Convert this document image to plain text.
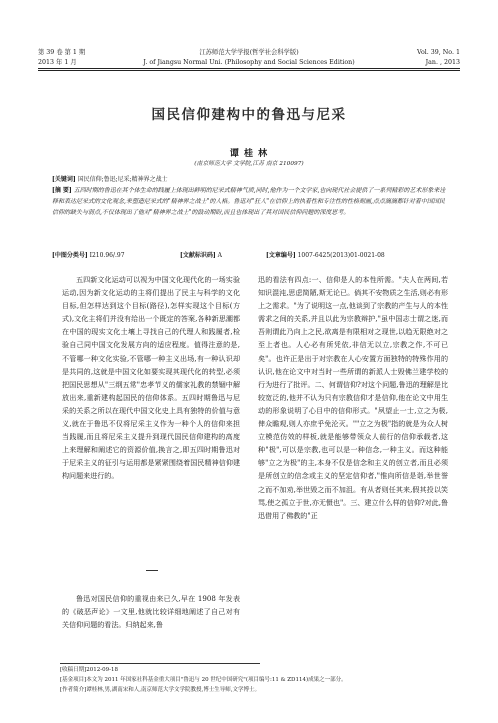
第 39 卷 第 1 期
2013 年 1 月
江苏师范大学学报(哲学社会科学版)
J. of Jiangsu Normal Uni. (Philosophy and Social Sciences Edition)
Vol. 39, No. 1
Jan. , 2013
国民信仰建构中的鲁迅与尼采
谭 桂 林
(南京师范大学 文学院,江苏 南京 210097)
[关键词] 国民信仰;鲁迅;尼采;精神界之战士
[摘 要] 五四时期的鲁迅在其个体生命的践履上体现出鲜明的尼采式精神气质,同时,他作为一个文学家,也向现代社会提供了一系列精彩的艺术形象来诠释和表达尼采式的文化观念,来塑造尼采式的"精神界之战士"的人格。鲁迅对"狂人"在信仰上的执着性和专注性的性格刻画,点点滴滴都针对着中国国民信仰的缺失与弱点,不仅体现出了他对"精神界之战士"的鼓动期盼,而且也体现出了其对国民信仰问题的深度思考。
[中图分类号] I210.96/.97	[文献标识码] A	[文章编号] 1007-6425(2013)01-0021-08

五四新文化运动可以视为中国文化现代化的一场实验运动,因为新文化运动的主将们提出了民主与科学的文化目标,但怎样达到这个目标(路径),怎样实现这个目标(方式),文化主将们并没有给出一个既定的答案,各种新思潮都在中国的现实文化土壤上寻找自己的代理人和践履者,检验自己同中国文化发展方向的适应程度。值得注意的是,不管哪一种文化实验,不管哪一种主义出场,有一种认识却是共同的,这就是中国文化如要实现其现代化的转型,必须把国民思想从"三纲五常"忠孝节义的儒家礼教的禁锢中解放出来,重新建构起国民的信仰体系。五四时期鲁迅与尼采的关系之所以在现代中国文化史上具有独特的价值与意义,就在于鲁迅不仅将尼采主义作为一种个人的信仰来担当践履,而且将尼采主义提升到现代国民信仰建构的高度上来理解和阐述它的资源价值,换言之,即五四时期鲁迅对于尼采主义的征引与运用都是紧紧围绕着国民精神信仰建构问题来进行的。

鲁迅对国民信仰的重视由来已久,早在 1908 年发表的《破恶声论》一文里,他就比较详细地阐述了自己对有关信仰问题的看法。归纳起来,鲁

迅的看法有四点:一、信仰是人的本性所需。"夫人在两间,若知识混沌,思虑简陋,斯无论已。倘其不安物质之生活,则必有形上之需求。"为了说明这一点,他谈到了宗教的产生与人的本性需求之间的关系,并且以此为宗教辩护,"虽中国志士谓之迷,而吾则谓此乃向上之民,欲离是有限相对之现世,以趋无限绝对之至上者也。人心必有所凭依,非信无以立,宗教之作,不可已矣"。也许正是出于对宗教在人心安置方面独特的特殊作用的认识,他在论文中对当时一些所谓的新派人士毁佛兰建学校的行为进行了批评。二、何谓信仰?对这个问题,鲁迅的理解是比较宽泛的,他并不认为只有宗教信仰才是信仰,他在论文中用生动的形象说明了心目中的信仰形式。"夙望止一士,立之为极,俾众瞻观,则人亦庶乎免沦灭。""立之为极"指的就是为众人树立模范仿效的样板,就是能够带领众人前行的信仰承载者,这种"极",可以是宗教,也可以是一种信念,一种主义。而这种能够"立之为极"的主,本身不仅是信念和主义的创立者,而且必须是所创立的信念或主义的坚定信仰者,"惟向所信是诣,举世誉之而不加劝,举世毁之而不加沮。有从者则任其来,假其投以笑骂,使之孤立于世,亦无慑也"。三、建立什么样的信仰?对此,鲁迅借用了佛教的"正

[收稿日期]2012-09-18
[基金项目]本文为 2011 年国家社科基金重大项目"鲁迅与 20 世纪中国研究"(项目编号:11 & ZD114)成果之一部分。
[作者简介]谭桂林,男,湖南宋和人,南京师范大学文学院教授,博士生导师,文学博士。
